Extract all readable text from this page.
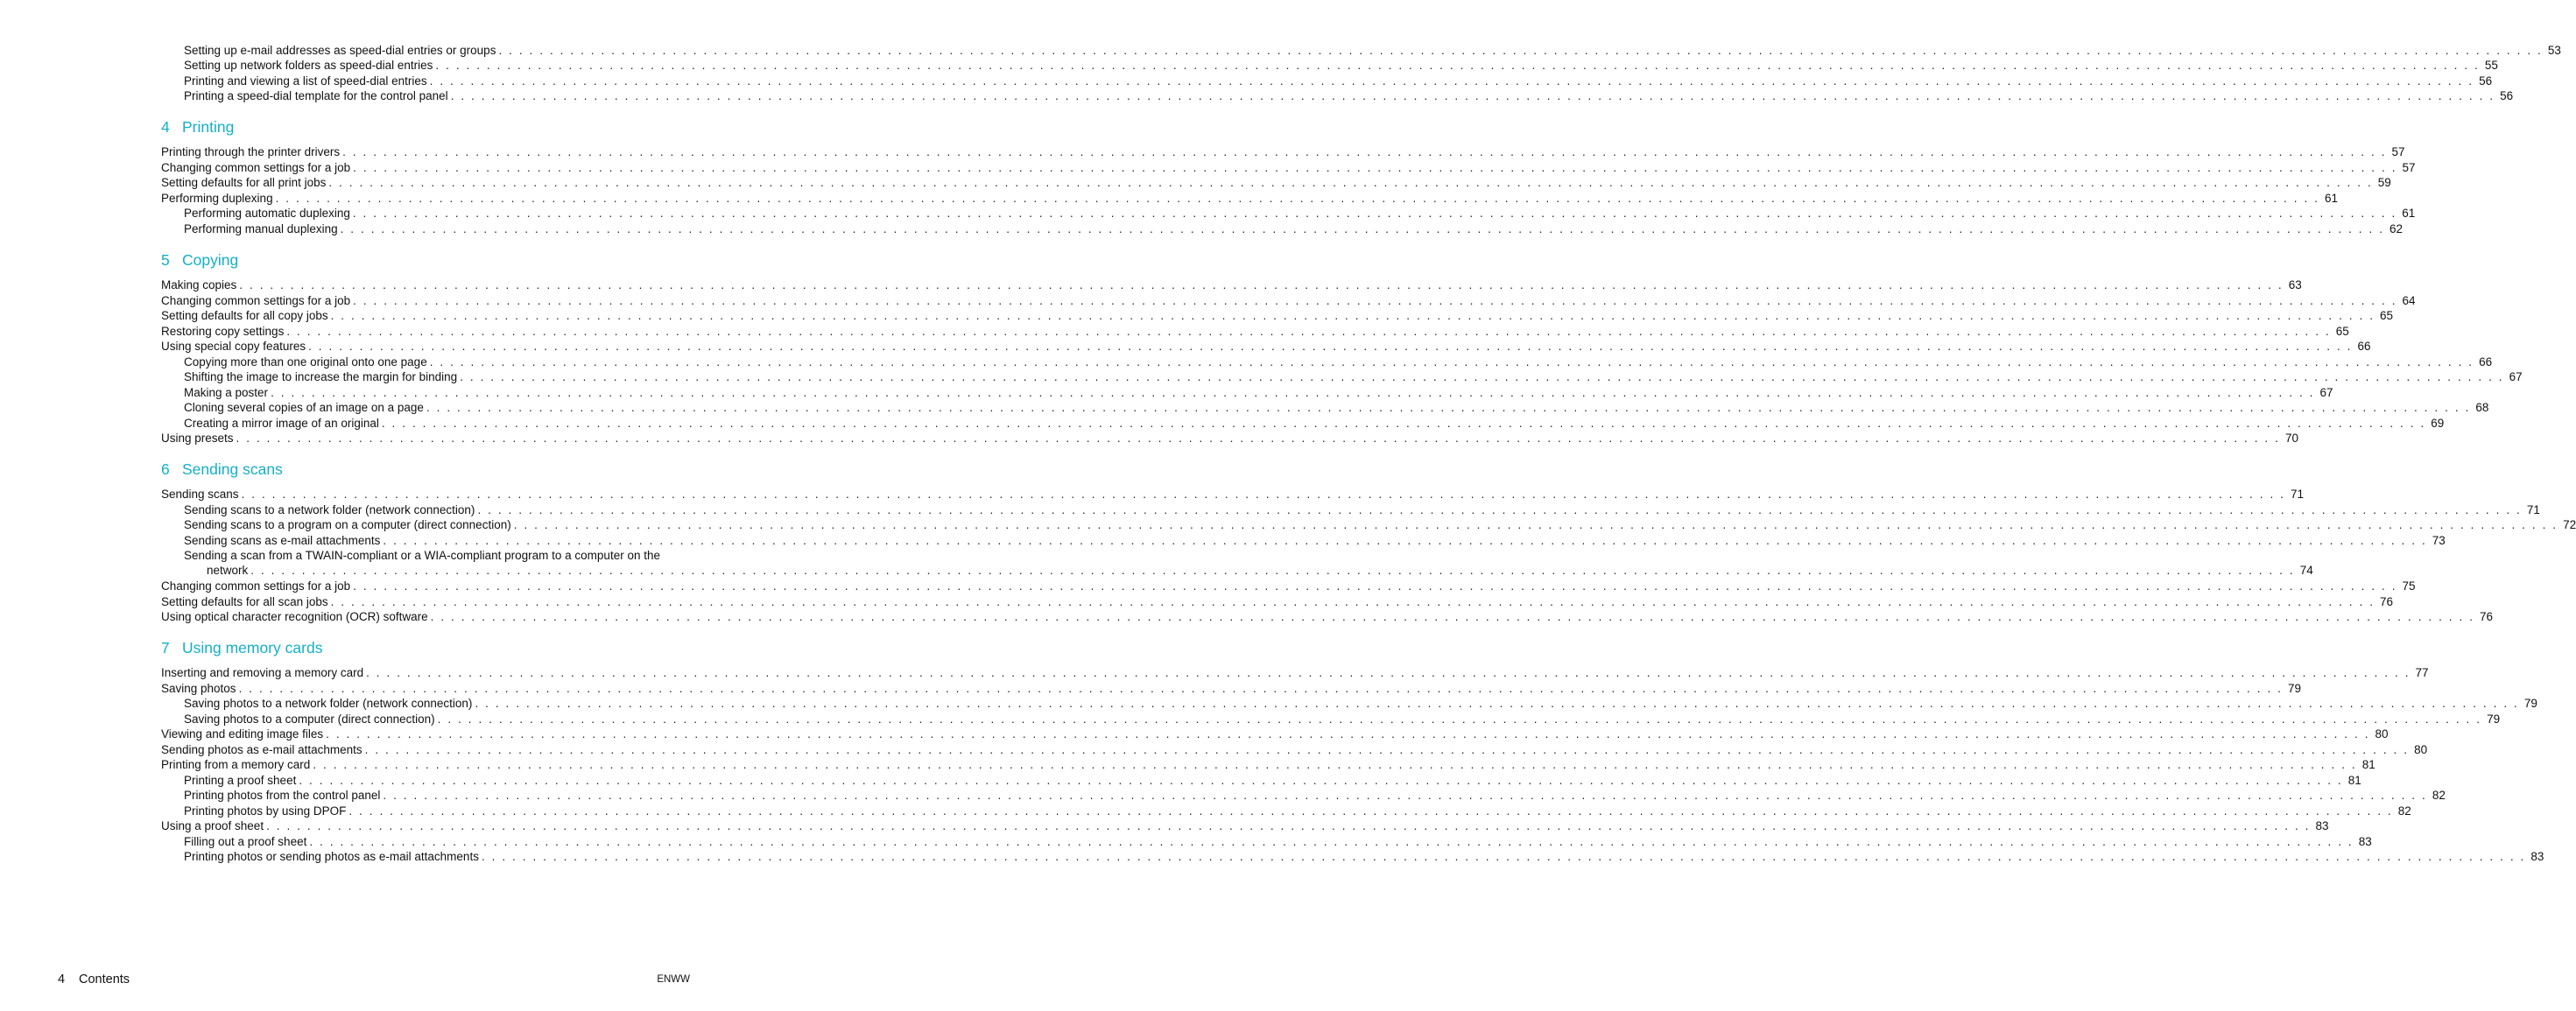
Setting up e-mail addresses as speed-dial entries or groups . . . . . . . . . . . . . . . . . . . . . . . . . . . . . . . . . . . . . . . . . . . . . . . . . . . . . . . . . . . . . . . . . . . . . . . . . . . . . . . . . . . . . . . . . . . . . . . . . . . . . . . . . . . . . . . . . . . . . . . . . . . . . . . . . . . . . . . . . . . . . . . . . . . . . . . . . . . . . . . . . . . . . . . . . . . . . . . . . . . . . . . . . . . . . . . . . . . . . . . . 53
Setting up network folders as speed-dial entries . . . . . . . . . . . . . . . . . . . . . . . . . . . . . . . . . . . . . . . . . . . . . . . . . . . . . . . . . . . . . . . . . . . . . . . . . . . . . . . . . . . . . . . . . . . . . . . . . . . . . . . . . . . . . . . . . . . . . . . . . . . . . . . . . . . . . . . . . . . . . . . . . . . . . . . . . . . . . . . . . . . . . . . . . . . . . . . . . . . . . . . . . . . . . . . . . . . . . . . . 55
Printing and viewing a list of speed-dial entries . . . . . . . . . . . . . . . . . . . . . . . . . . . . . . . . . . . . . . . . . . . . . . . . . . . . . . . . . . . . . . . . . . . . . . . . . . . . . . . . . . . . . . . . . . . . . . . . . . . . . . . . . . . . . . . . . . . . . . . . . . . . . . . . . . . . . . . . . . . . . . . . . . . . . . . . . . . . . . . . . . . . . . . . . . . . . . . . . . . . . . . . . . . . . . . . . . . . . . . . 56
Printing a speed-dial template for the control panel . . . . . . . . . . . . . . . . . . . . . . . . . . . . . . . . . . . . . . . . . . . . . . . . . . . . . . . . . . . . . . . . . . . . . . . . . . . . . . . . . . . . . . . . . . . . . . . . . . . . . . . . . . . . . . . . . . . . . . . . . . . . . . . . . . . . . . . . . . . . . . . . . . . . . . . . . . . . . . . . . . . . . . . . . . . . . . . . . . . . . . . . . . . . . . . . . . . . . . . . 56
4 Printing
Printing through the printer drivers . . . . . . . . . . . . . . . . . . . . . . . . . . . . . . . . . . . . . . . . . . . . . . . . . . . . . . . . . . . . . . . . . . . . . . . . . . . . . . . . . . . . . . . . . . . . . . . . . . . . . . . . . . . . . . . . . . . . . . . . . . . . . . . . . . . . . . . . . . . . . . . . . . . . . . . . . . . . . . . . . . . . . . . . . . . . . . . . . . . . . . . . . . . . . . . . . . . . . . . . 57
Changing common settings for a job . . . . . . . . . . . . . . . . . . . . . . . . . . . . . . . . . . . . . . . . . . . . . . . . . . . . . . . . . . . . . . . . . . . . . . . . . . . . . . . . . . . . . . . . . . . . . . . . . . . . . . . . . . . . . . . . . . . . . . . . . . . . . . . . . . . . . . . . . . . . . . . . . . . . . . . . . . . . . . . . . . . . . . . . . . . . . . . . . . . . . . . . . . . . . . . . . . . . . . . . 57
Setting defaults for all print jobs . . . . . . . . . . . . . . . . . . . . . . . . . . . . . . . . . . . . . . . . . . . . . . . . . . . . . . . . . . . . . . . . . . . . . . . . . . . . . . . . . . . . . . . . . . . . . . . . . . . . . . . . . . . . . . . . . . . . . . . . . . . . . . . . . . . . . . . . . . . . . . . . . . . . . . . . . . . . . . . . . . . . . . . . . . . . . . . . . . . . . . . . . . . . . . . . . . . . . . . . 59
Performing duplexing . . . . . . . . . . . . . . . . . . . . . . . . . . . . . . . . . . . . . . . . . . . . . . . . . . . . . . . . . . . . . . . . . . . . . . . . . . . . . . . . . . . . . . . . . . . . . . . . . . . . . . . . . . . . . . . . . . . . . . . . . . . . . . . . . . . . . . . . . . . . . . . . . . . . . . . . . . . . . . . . . . . . . . . . . . . . . . . . . . . . . . . . . . . . . . . . . . . . . . . . 61
Performing automatic duplexing . . . . . . . . . . . . . . . . . . . . . . . . . . . . . . . . . . . . . . . . . . . . . . . . . . . . . . . . . . . . . . . . . . . . . . . . . . . . . . . . . . . . . . . . . . . . . . . . . . . . . . . . . . . . . . . . . . . . . . . . . . . . . . . . . . . . . . . . . . . . . . . . . . . . . . . . . . . . . . . . . . . . . . . . . . . . . . . . . . . . . . . . . . . . . . . . . . . . . . . . 61
Performing manual duplexing . . . . . . . . . . . . . . . . . . . . . . . . . . . . . . . . . . . . . . . . . . . . . . . . . . . . . . . . . . . . . . . . . . . . . . . . . . . . . . . . . . . . . . . . . . . . . . . . . . . . . . . . . . . . . . . . . . . . . . . . . . . . . . . . . . . . . . . . . . . . . . . . . . . . . . . . . . . . . . . . . . . . . . . . . . . . . . . . . . . . . . . . . . . . . . . . . . . . . . . . 62
5 Copying
Making copies . . . . . . . . . . . . . . . . . . . . . . . . . . . . . . . . . . . . . . . . . . . . . . . . . . . . . . . . . . . . . . . . . . . . . . . . . . . . . . . . . . . . . . . . . . . . . . . . . . . . . . . . . . . . . . . . . . . . . . . . . . . . . . . . . . . . . . . . . . . . . . . . . . . . . . . . . . . . . . . . . . . . . . . . . . . . . . . . . . . . . . . . . . . . . . . . . . . . . . . . 63
Changing common settings for a job . . . . . . . . . . . . . . . . . . . . . . . . . . . . . . . . . . . . . . . . . . . . . . . . . . . . . . . . . . . . . . . . . . . . . . . . . . . . . . . . . . . . . . . . . . . . . . . . . . . . . . . . . . . . . . . . . . . . . . . . . . . . . . . . . . . . . . . . . . . . . . . . . . . . . . . . . . . . . . . . . . . . . . . . . . . . . . . . . . . . . . . . . . . . . . . . . . . . . . . . 64
Setting defaults for all copy jobs . . . . . . . . . . . . . . . . . . . . . . . . . . . . . . . . . . . . . . . . . . . . . . . . . . . . . . . . . . . . . . . . . . . . . . . . . . . . . . . . . . . . . . . . . . . . . . . . . . . . . . . . . . . . . . . . . . . . . . . . . . . . . . . . . . . . . . . . . . . . . . . . . . . . . . . . . . . . . . . . . . . . . . . . . . . . . . . . . . . . . . . . . . . . . . . . . . . . . . . . 65
Restoring copy settings . . . . . . . . . . . . . . . . . . . . . . . . . . . . . . . . . . . . . . . . . . . . . . . . . . . . . . . . . . . . . . . . . . . . . . . . . . . . . . . . . . . . . . . . . . . . . . . . . . . . . . . . . . . . . . . . . . . . . . . . . . . . . . . . . . . . . . . . . . . . . . . . . . . . . . . . . . . . . . . . . . . . . . . . . . . . . . . . . . . . . . . . . . . . . . . . . . . . . . . . 65
Using special copy features . . . . . . . . . . . . . . . . . . . . . . . . . . . . . . . . . . . . . . . . . . . . . . . . . . . . . . . . . . . . . . . . . . . . . . . . . . . . . . . . . . . . . . . . . . . . . . . . . . . . . . . . . . . . . . . . . . . . . . . . . . . . . . . . . . . . . . . . . . . . . . . . . . . . . . . . . . . . . . . . . . . . . . . . . . . . . . . . . . . . . . . . . . . . . . . . . . . . . . . . 66
Copying more than one original onto one page . . . . . . . . . . . . . . . . . . . . . . . . . . . . . . . . . . . . . . . . . . . . . . . . . . . . . . . . . . . . . . . . . . . . . . . . . . . . . . . . . . . . . . . . . . . . . . . . . . . . . . . . . . . . . . . . . . . . . . . . . . . . . . . . . . . . . . . . . . . . . . . . . . . . . . . . . . . . . . . . . . . . . . . . . . . . . . . . . . . . . . . . . . . . . . . . . . . . . . . . 66
Shifting the image to increase the margin for binding . . . . . . . . . . . . . . . . . . . . . . . . . . . . . . . . . . . . . . . . . . . . . . . . . . . . . . . . . . . . . . . . . . . . . . . . . . . . . . . . . . . . . . . . . . . . . . . . . . . . . . . . . . . . . . . . . . . . . . . . . . . . . . . . . . . . . . . . . . . . . . . . . . . . . . . . . . . . . . . . . . . . . . . . . . . . . . . . . . . . . . . . . . . . . . . . . . . . . . . . 67
Making a poster . . . . . . . . . . . . . . . . . . . . . . . . . . . . . . . . . . . . . . . . . . . . . . . . . . . . . . . . . . . . . . . . . . . . . . . . . . . . . . . . . . . . . . . . . . . . . . . . . . . . . . . . . . . . . . . . . . . . . . . . . . . . . . . . . . . . . . . . . . . . . . . . . . . . . . . . . . . . . . . . . . . . . . . . . . . . . . . . . . . . . . . . . . . . . . . . . . . . . . . . 67
Cloning several copies of an image on a page . . . . . . . . . . . . . . . . . . . . . . . . . . . . . . . . . . . . . . . . . . . . . . . . . . . . . . . . . . . . . . . . . . . . . . . . . . . . . . . . . . . . . . . . . . . . . . . . . . . . . . . . . . . . . . . . . . . . . . . . . . . . . . . . . . . . . . . . . . . . . . . . . . . . . . . . . . . . . . . . . . . . . . . . . . . . . . . . . . . . . . . . . . . . . . . . . . . . . . . . 68
Creating a mirror image of an original . . . . . . . . . . . . . . . . . . . . . . . . . . . . . . . . . . . . . . . . . . . . . . . . . . . . . . . . . . . . . . . . . . . . . . . . . . . . . . . . . . . . . . . . . . . . . . . . . . . . . . . . . . . . . . . . . . . . . . . . . . . . . . . . . . . . . . . . . . . . . . . . . . . . . . . . . . . . . . . . . . . . . . . . . . . . . . . . . . . . . . . . . . . . . . . . . . . . . . . . 69
Using presets . . . . . . . . . . . . . . . . . . . . . . . . . . . . . . . . . . . . . . . . . . . . . . . . . . . . . . . . . . . . . . . . . . . . . . . . . . . . . . . . . . . . . . . . . . . . . . . . . . . . . . . . . . . . . . . . . . . . . . . . . . . . . . . . . . . . . . . . . . . . . . . . . . . . . . . . . . . . . . . . . . . . . . . . . . . . . . . . . . . . . . . . . . . . . . . . . . . . . . . . 70
6 Sending scans
Sending scans . . . . . . . . . . . . . . . . . . . . . . . . . . . . . . . . . . . . . . . . . . . . . . . . . . . . . . . . . . . . . . . . . . . . . . . . . . . . . . . . . . . . . . . . . . . . . . . . . . . . . . . . . . . . . . . . . . . . . . . . . . . . . . . . . . . . . . . . . . . . . . . . . . . . . . . . . . . . . . . . . . . . . . . . . . . . . . . . . . . . . . . . . . . . . . . . . . . . . . . . 71
Sending scans to a network folder (network connection) . . . . . . . . . . . . . . . . . . . . . . . . . . . . . . . . . . . . . . . . . . . . . . . . . . . . . . . . . . . . . . . . . . . . . . . . . . . . . . . . . . . . . . . . . . . . . . . . . . . . . . . . . . . . . . . . . . . . . . . . . . . . . . . . . . . . . . . . . . . . . . . . . . . . . . . . . . . . . . . . . . . . . . . . . . . . . . . . . . . . . . . . . . . . . . . . . . . . . . . . 71
Sending scans to a program on a computer (direct connection) . . . . . . . . . . . . . . . . . . . . . . . . . . . . . . . . . . . . . . . . . . . . . . . . . . . . . . . . . . . . . . . . . . . . . . . . . . . . . . . . . . . . . . . . . . . . . . . . . . . . . . . . . . . . . . . . . . . . . . . . . . . . . . . . . . . . . . . . . . . . . . . . . . . . . . . . . . . . . . . . . . . . . . . . . . . . . . . . . . . . . . . . . . . . . . . . . . . . . . . . 72
Sending scans as e-mail attachments . . . . . . . . . . . . . . . . . . . . . . . . . . . . . . . . . . . . . . . . . . . . . . . . . . . . . . . . . . . . . . . . . . . . . . . . . . . . . . . . . . . . . . . . . . . . . . . . . . . . . . . . . . . . . . . . . . . . . . . . . . . . . . . . . . . . . . . . . . . . . . . . . . . . . . . . . . . . . . . . . . . . . . . . . . . . . . . . . . . . . . . . . . . . . . . . . . . . . . . . 73
Sending a scan from a TWAIN-compliant or a WIA-compliant program to a computer on the
network . . . . . . . . . . . . . . . . . . . . . . . . . . . . . . . . . . . . . . . . . . . . . . . . . . . . . . . . . . . . . . . . . . . . . . . . . . . . . . . . . . . . . . . . . . . . . . . . . . . . . . . . . . . . . . . . . . . . . . . . . . . . . . . . . . . . . . . . . . . . . . . . . . . . . . . . . . . . . . . . . . . . . . . . . . . . . . . . . . . . . . . . . . . . . . . . . . . . . . . . 74
Changing common settings for a job . . . . . . . . . . . . . . . . . . . . . . . . . . . . . . . . . . . . . . . . . . . . . . . . . . . . . . . . . . . . . . . . . . . . . . . . . . . . . . . . . . . . . . . . . . . . . . . . . . . . . . . . . . . . . . . . . . . . . . . . . . . . . . . . . . . . . . . . . . . . . . . . . . . . . . . . . . . . . . . . . . . . . . . . . . . . . . . . . . . . . . . . . . . . . . . . . . . . . . . . 75
Setting defaults for all scan jobs . . . . . . . . . . . . . . . . . . . . . . . . . . . . . . . . . . . . . . . . . . . . . . . . . . . . . . . . . . . . . . . . . . . . . . . . . . . . . . . . . . . . . . . . . . . . . . . . . . . . . . . . . . . . . . . . . . . . . . . . . . . . . . . . . . . . . . . . . . . . . . . . . . . . . . . . . . . . . . . . . . . . . . . . . . . . . . . . . . . . . . . . . . . . . . . . . . . . . . . . 76
Using optical character recognition (OCR) software . . . . . . . . . . . . . . . . . . . . . . . . . . . . . . . . . . . . . . . . . . . . . . . . . . . . . . . . . . . . . . . . . . . . . . . . . . . . . . . . . . . . . . . . . . . . . . . . . . . . . . . . . . . . . . . . . . . . . . . . . . . . . . . . . . . . . . . . . . . . . . . . . . . . . . . . . . . . . . . . . . . . . . . . . . . . . . . . . . . . . . . . . . . . . . . . . . . . . . . . 76
7 Using memory cards
Inserting and removing a memory card . . . . . . . . . . . . . . . . . . . . . . . . . . . . . . . . . . . . . . . . . . . . . . . . . . . . . . . . . . . . . . . . . . . . . . . . . . . . . . . . . . . . . . . . . . . . . . . . . . . . . . . . . . . . . . . . . . . . . . . . . . . . . . . . . . . . . . . . . . . . . . . . . . . . . . . . . . . . . . . . . . . . . . . . . . . . . . . . . . . . . . . . . . . . . . . . . . . . . . . . 77
Saving photos . . . . . . . . . . . . . . . . . . . . . . . . . . . . . . . . . . . . . . . . . . . . . . . . . . . . . . . . . . . . . . . . . . . . . . . . . . . . . . . . . . . . . . . . . . . . . . . . . . . . . . . . . . . . . . . . . . . . . . . . . . . . . . . . . . . . . . . . . . . . . . . . . . . . . . . . . . . . . . . . . . . . . . . . . . . . . . . . . . . . . . . . . . . . . . . . . . . . . . . . 79
Saving photos to a network folder (network connection) . . . . . . . . . . . . . . . . . . . . . . . . . . . . . . . . . . . . . . . . . . . . . . . . . . . . . . . . . . . . . . . . . . . . . . . . . . . . . . . . . . . . . . . . . . . . . . . . . . . . . . . . . . . . . . . . . . . . . . . . . . . . . . . . . . . . . . . . . . . . . . . . . . . . . . . . . . . . . . . . . . . . . . . . . . . . . . . . . . . . . . . . . . . . . . . . . . . . . . . . 79
Saving photos to a computer (direct connection) . . . . . . . . . . . . . . . . . . . . . . . . . . . . . . . . . . . . . . . . . . . . . . . . . . . . . . . . . . . . . . . . . . . . . . . . . . . . . . . . . . . . . . . . . . . . . . . . . . . . . . . . . . . . . . . . . . . . . . . . . . . . . . . . . . . . . . . . . . . . . . . . . . . . . . . . . . . . . . . . . . . . . . . . . . . . . . . . . . . . . . . . . . . . . . . . . . . . . . . . 79
Viewing and editing image files . . . . . . . . . . . . . . . . . . . . . . . . . . . . . . . . . . . . . . . . . . . . . . . . . . . . . . . . . . . . . . . . . . . . . . . . . . . . . . . . . . . . . . . . . . . . . . . . . . . . . . . . . . . . . . . . . . . . . . . . . . . . . . . . . . . . . . . . . . . . . . . . . . . . . . . . . . . . . . . . . . . . . . . . . . . . . . . . . . . . . . . . . . . . . . . . . . . . . . . . 80
Sending photos as e-mail attachments . . . . . . . . . . . . . . . . . . . . . . . . . . . . . . . . . . . . . . . . . . . . . . . . . . . . . . . . . . . . . . . . . . . . . . . . . . . . . . . . . . . . . . . . . . . . . . . . . . . . . . . . . . . . . . . . . . . . . . . . . . . . . . . . . . . . . . . . . . . . . . . . . . . . . . . . . . . . . . . . . . . . . . . . . . . . . . . . . . . . . . . . . . . . . . . . . . . . . . . . 80
Printing from a memory card . . . . . . . . . . . . . . . . . . . . . . . . . . . . . . . . . . . . . . . . . . . . . . . . . . . . . . . . . . . . . . . . . . . . . . . . . . . . . . . . . . . . . . . . . . . . . . . . . . . . . . . . . . . . . . . . . . . . . . . . . . . . . . . . . . . . . . . . . . . . . . . . . . . . . . . . . . . . . . . . . . . . . . . . . . . . . . . . . . . . . . . . . . . . . . . . . . . . . . . . 81
Printing a proof sheet . . . . . . . . . . . . . . . . . . . . . . . . . . . . . . . . . . . . . . . . . . . . . . . . . . . . . . . . . . . . . . . . . . . . . . . . . . . . . . . . . . . . . . . . . . . . . . . . . . . . . . . . . . . . . . . . . . . . . . . . . . . . . . . . . . . . . . . . . . . . . . . . . . . . . . . . . . . . . . . . . . . . . . . . . . . . . . . . . . . . . . . . . . . . . . . . . . . . . . . . 81
Printing photos from the control panel . . . . . . . . . . . . . . . . . . . . . . . . . . . . . . . . . . . . . . . . . . . . . . . . . . . . . . . . . . . . . . . . . . . . . . . . . . . . . . . . . . . . . . . . . . . . . . . . . . . . . . . . . . . . . . . . . . . . . . . . . . . . . . . . . . . . . . . . . . . . . . . . . . . . . . . . . . . . . . . . . . . . . . . . . . . . . . . . . . . . . . . . . . . . . . . . . . . . . . . . 82
Printing photos by using DPOF . . . . . . . . . . . . . . . . . . . . . . . . . . . . . . . . . . . . . . . . . . . . . . . . . . . . . . . . . . . . . . . . . . . . . . . . . . . . . . . . . . . . . . . . . . . . . . . . . . . . . . . . . . . . . . . . . . . . . . . . . . . . . . . . . . . . . . . . . . . . . . . . . . . . . . . . . . . . . . . . . . . . . . . . . . . . . . . . . . . . . . . . . . . . . . . . . . . . . . . . 82
Using a proof sheet . . . . . . . . . . . . . . . . . . . . . . . . . . . . . . . . . . . . . . . . . . . . . . . . . . . . . . . . . . . . . . . . . . . . . . . . . . . . . . . . . . . . . . . . . . . . . . . . . . . . . . . . . . . . . . . . . . . . . . . . . . . . . . . . . . . . . . . . . . . . . . . . . . . . . . . . . . . . . . . . . . . . . . . . . . . . . . . . . . . . . . . . . . . . . . . . . . . . . . . . 83
Filling out a proof sheet . . . . . . . . . . . . . . . . . . . . . . . . . . . . . . . . . . . . . . . . . . . . . . . . . . . . . . . . . . . . . . . . . . . . . . . . . . . . . . . . . . . . . . . . . . . . . . . . . . . . . . . . . . . . . . . . . . . . . . . . . . . . . . . . . . . . . . . . . . . . . . . . . . . . . . . . . . . . . . . . . . . . . . . . . . . . . . . . . . . . . . . . . . . . . . . . . . . . . . . . 83
Printing photos or sending photos as e-mail attachments . . . . . . . . . . . . . . . . . . . . . . . . . . . . . . . . . . . . . . . . . . . . . . . . . . . . . . . . . . . . . . . . . . . . . . . . . . . . . . . . . . . . . . . . . . . . . . . . . . . . . . . . . . . . . . . . . . . . . . . . . . . . . . . . . . . . . . . . . . . . . . . . . . . . . . . . . . . . . . . . . . . . . . . . . . . . . . . . . . . . . . . . . . . . . . . . . . . . . . . . 83
4 Contents	ENWW
